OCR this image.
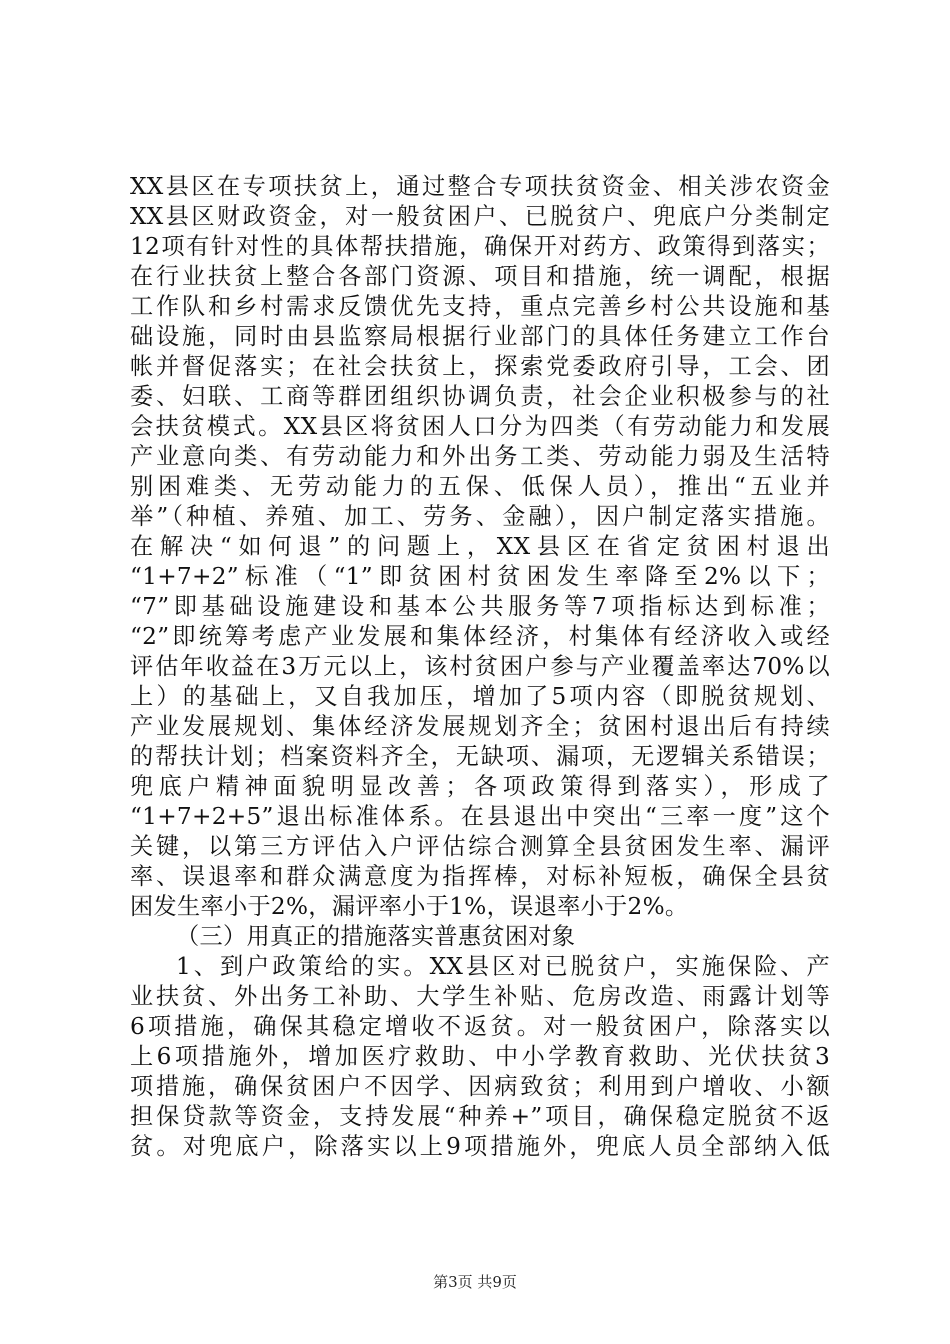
XX县区在专项扶贫上，通过整合专项扶贫资金、相关涉农资金
XX县区财政资金，对一般贫困户、已脱贫户、兜底户分类制定
12项有针对性的具体帮扶措施，确保开对药方、政策得到落实；
在行业扶贫上整合各部门资源、项目和措施，统一调配，根据
工作队和乡村需求反馈优先支持，重点完善乡村公共设施和基
础设施，同时由县监察局根据行业部门的具体任务建立工作台
帐并督促落实；在社会扶贫上，探索党委政府引导，工会、团
委、妇联、工商等群团组织协调负责，社会企业积极参与的社
会扶贫模式。XX县区将贫困人口分为四类（有劳动能力和发展
产业意向类、有劳动能力和外出务工类、劳动能力弱及生活特
别困难类、无劳动能力的五保、低保人员），推出“五业并
举”（种植、养殖、加工、劳务、金融），因户制定落实措施。
在解决“如何退”的问题上，XX县区在省定贫困村退出
“1+7+2”标准（“1”即贫困村贫困发生率降至2%以下；
“7”即基础设施建设和基本公共服务等7项指标达到标准；
“2”即统筹考虑产业发展和集体经济，村集体有经济收入或经
评估年收益在3万元以上，该村贫困户参与产业覆盖率达70%以
上）的基础上，又自我加压，增加了5项内容（即脱贫规划、
产业发展规划、集体经济发展规划齐全；贫困村退出后有持续
的帮扶计划；档案资料齐全，无缺项、漏项，无逻辑关系错误；
兜底户精神面貌明显改善；各项政策得到落实），形成了
“1+7+2+5”退出标准体系。在县退出中突出“三率一度”这个
关键，以第三方评估入户评估综合测算全县贫困发生率、漏评
率、误退率和群众满意度为指挥棒，对标补短板，确保全县贫
困发生率小于2%，漏评率小于1%，误退率小于2%。
（三）用真正的措施落实普惠贫困对象
1、到户政策给的实。XX县区对已脱贫户，实施保险、产
业扶贫、外出务工补助、大学生补贴、危房改造、雨露计划等
6项措施，确保其稳定增收不返贫。对一般贫困户，除落实以
上6项措施外，增加医疗救助、中小学教育救助、光伏扶贫3
项措施，确保贫困户不因学、因病致贫；利用到户增收、小额
担保贷款等资金，支持发展“种养+”项目，确保稳定脱贫不返
贫。对兜底户，除落实以上9项措施外，兜底人员全部纳入低
第3页 共9页
